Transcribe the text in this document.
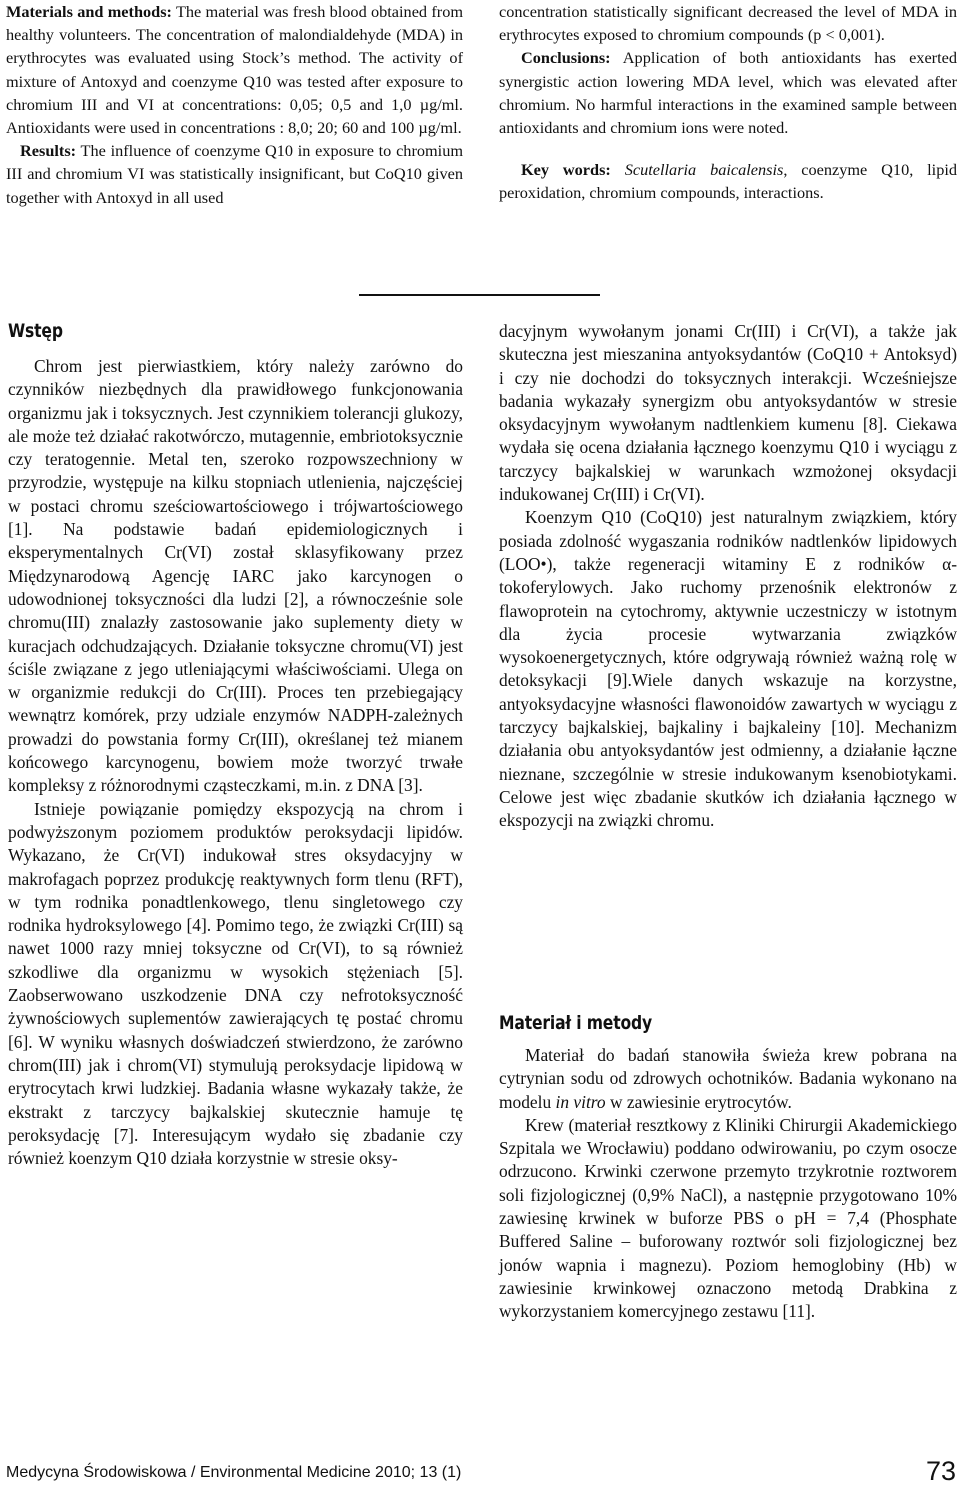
Materials and methods: The material was fresh blood obtained from healthy volunteers. The concentration of malondialdehyde (MDA) in erythrocytes was evaluated using Stock’s method. The activity of mixture of Antoxyd and coenzyme Q10 was tested after exposure to chromium III and VI at concentrations: 0,05; 0,5 and 1,0 µg/ml. Antioxidants were used in concentrations : 8,0; 20; 60 and 100 µg/ml.

Results: The influence of coenzyme Q10 in exposure to chromium III and chromium VI was statistically insignificant, but CoQ10 given together with Antoxyd in all used

concentration statistically significant decreased the level of MDA in erythrocytes exposed to chromium compounds (p < 0,001).

Conclusions: Application of both antioxidants has exerted synergistic action lowering MDA level, which was elevated after chromium. No harmful interactions in the examined sample between antioxidants and chromium ions were noted.

Key words: Scutellaria baicalensis, coenzyme Q10, lipid peroxidation, chromium compounds, interactions.

Wstęp

Chrom jest pierwiastkiem, który należy zarówno do czynników niezbędnych dla prawidłowego funkcjonowania organizmu jak i toksycznych. Jest czynnikiem tolerancji glukozy, ale może też działać rakotwórczo, mutagennie, embriotoksycznie czy teratogennie. Metal ten, szeroko rozpowszechniony w przyrodzie, występuje na kilku stopniach utlenienia, najczęściej w postaci chromu sześciowartościowego i trójwartościowego [1]. Na podstawie badań epidemiologicznych i eksperymentalnych Cr(VI) został sklasyfikowany przez Międzynarodową Agencję IARC jako karcynogen o udowodnionej toksyczności dla ludzi [2], a równocześnie sole chromu(III) znalazły zastosowanie jako suplementy diety w kuracjach odchudzających. Działanie toksyczne chromu(VI) jest ściśle związane z jego utleniającymi właściwościami. Ulega on w organizmie redukcji do Cr(III). Proces ten przebiegający wewnątrz komórek, przy udziale enzymów NADPH-zależnych prowadzi do powstania formy Cr(III), określanej też mianem końcowego karcynogenu, bowiem może tworzyć trwałe kompleksy z różnorodnymi cząsteczkami, m.in. z DNA [3].

Istnieje powiązanie pomiędzy ekspozycją na chrom i podwyższonym poziomem produktów peroksydacji lipidów. Wykazano, że Cr(VI) indukował stres oksydacyjny w makrofagach poprzez produkcję reaktywnych form tlenu (RFT), w tym rodnika ponadtlenkowego, tlenu singletowego czy rodnika hydroksylowego [4]. Pomimo tego, że związki Cr(III) są nawet 1000 razy mniej toksyczne od Cr(VI), to są również szkodliwe dla organizmu w wysokich stężeniach [5]. Zaobserwowano uszkodzenie DNA czy nefrotoksyczność żywnościowych suplementów zawierających tę postać chromu [6]. W wyniku własnych doświadczeń stwierdzono, że zarówno chrom(III) jak i chrom(VI) stymulują peroksydacje lipidową w erytrocytach krwi ludzkiej. Badania własne wykazały także, że ekstrakt z tarczycy bajkalskiej skutecznie hamuje tę peroksydację [7]. Interesującym wydało się zbadanie czy również koenzym Q10 działa korzystnie w stresie oksy-

dacyjnym wywołanym jonami Cr(III) i Cr(VI), a także jak skuteczna jest mieszanina antyoksydantów (CoQ10 + Antoksyd) i czy nie dochodzi do toksycznych interakcji. Wcześniejsze badania wykazały synergizm obu antyoksydantów w stresie oksydacyjnym wywołanym nadtlenkiem kumenu [8]. Ciekawa wydała się ocena działania łącznego koenzymu Q10 i wyciągu z tarczycy bajkalskiej w warunkach wzmożonej oksydacji indukowanej Cr(III) i Cr(VI).

Koenzym Q10 (CoQ10) jest naturalnym związkiem, który posiada zdolność wygaszania rodników nadtlenków lipidowych (LOO•), także regeneracji witaminy E z rodników α-tokoferylowych. Jako ruchomy przenośnik elektronów z flawoprotein na cytochromy, aktywnie uczestniczy w istotnym dla życia procesie wytwarzania związków wysokoenergetycznych, które odgrywają również ważną rolę w detoksykacji [9].Wiele danych wskazuje na korzystne, antyoksydacyjne własności flawonoidów zawartych w wyciągu z tarczycy bajkalskiej, bajkaliny i bajkaleiny [10]. Mechanizm działania obu antyoksydantów jest odmienny, a działanie łączne nieznane, szczególnie w stresie indukowanym ksenobiotykami. Celowe jest więc zbadanie skutków ich działania łącznego w ekspozycji na związki chromu.

Materiał i metody

Materiał do badań stanowiła świeża krew pobrana na cytrynian sodu od zdrowych ochotników. Badania wykonano na modelu in vitro w zawiesinie erytrocytów.

Krew (materiał resztkowy z Kliniki Chirurgii Akademickiego Szpitala we Wrocławiu) poddano odwirowaniu, po czym osocze odrzucono. Krwinki czerwone przemyto trzykrotnie roztworem soli fizjologicznej (0,9% NaCl), a następnie przygotowano 10% zawiesinę krwinek w buforze PBS o pH = 7,4 (Phosphate Buffered Saline – buforowany roztwór soli fizjologicznej bez jonów wapnia i magnezu). Poziom hemoglobiny (Hb) w zawiesinie krwinkowej oznaczono metodą Drabkina z wykorzystaniem komercyjnego zestawu [11].

Medycyna Środowiskowa / Environmental Medicine 2010; 13 (1)	73
